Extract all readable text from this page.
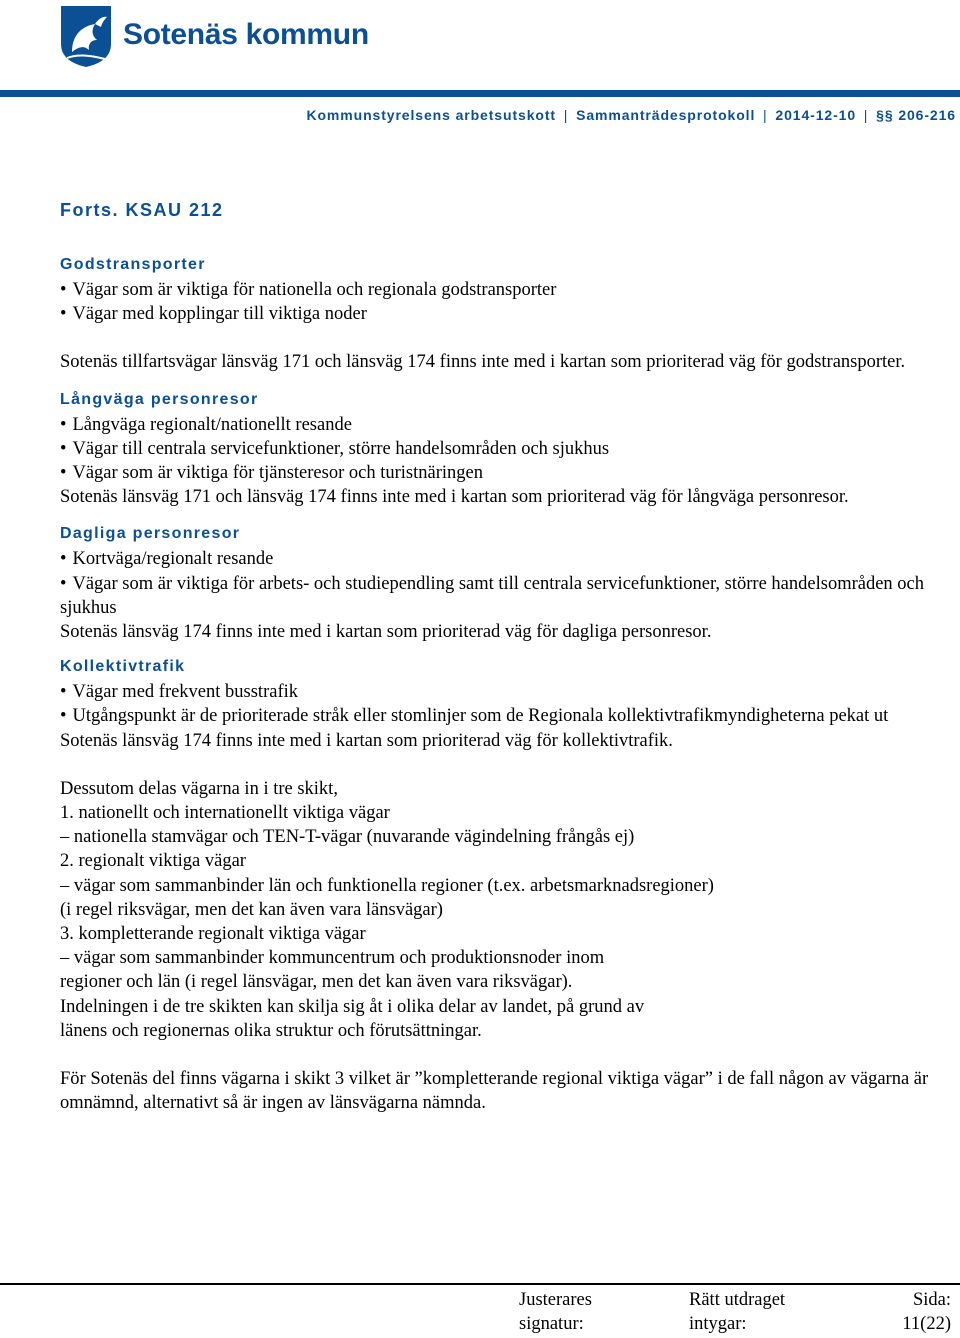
Sotenäs kommun
Kommunstyrelsens arbetsutskott | Sammanträdesprotokoll | 2014-12-10 | §§ 206-216

Forts. KSAU 212

Godstransporter

• Vägar som är viktiga för nationella och regionala godstransporter

• Vägar med kopplingar till viktiga noder

Sotenäs tillfartsvägar länsväg 171 och länsväg 174 finns inte med i kartan som prioriterad väg för godstransporter.

Långväga personresor

• Långväga regionalt/nationellt resande

• Vägar till centrala servicefunktioner, större handelsområden och sjukhus

• Vägar som är viktiga för tjänsteresor och turistnäringen

Sotenäs länsväg 171 och länsväg 174 finns inte med i kartan som prioriterad väg för långväga personresor.

Dagliga personresor

• Kortväga/regionalt resande

• Vägar som är viktiga för arbets- och studiependling samt till centrala servicefunktioner, större handelsområden och sjukhus

Sotenäs länsväg 174 finns inte med i kartan som prioriterad väg för dagliga personresor.

Kollektivtrafik

• Vägar med frekvent busstrafik

• Utgångspunkt är de prioriterade stråk eller stomlinjer som de Regionala kollektivtrafikmyndigheterna pekat ut

Sotenäs länsväg 174 finns inte med i kartan som prioriterad väg för kollektivtrafik.

Dessutom delas vägarna in i tre skikt,

1. nationellt och internationellt viktiga vägar

– nationella stamvägar och TEN-T-vägar (nuvarande vägindelning frångås ej)

2. regionalt viktiga vägar

– vägar som sammanbinder län och funktionella regioner (t.ex. arbetsmarknadsregioner)

(i regel riksvägar, men det kan även vara länsvägar)

3. kompletterande regionalt viktiga vägar

– vägar som sammanbinder kommuncentrum och produktionsnoder inom

regioner och län (i regel länsvägar, men det kan även vara riksvägar).

Indelningen i de tre skikten kan skilja sig åt i olika delar av landet, på grund av

länens och regionernas olika struktur och förutsättningar.

För Sotenäs del finns vägarna i skikt 3 vilket är ”kompletterande regional viktiga vägar” i de fall någon av vägarna är omnämnd, alternativt så är ingen av länsvägarna nämnda.

Justerares
signatur:
Rätt utdraget
intygar:
Sida:
11(22)
